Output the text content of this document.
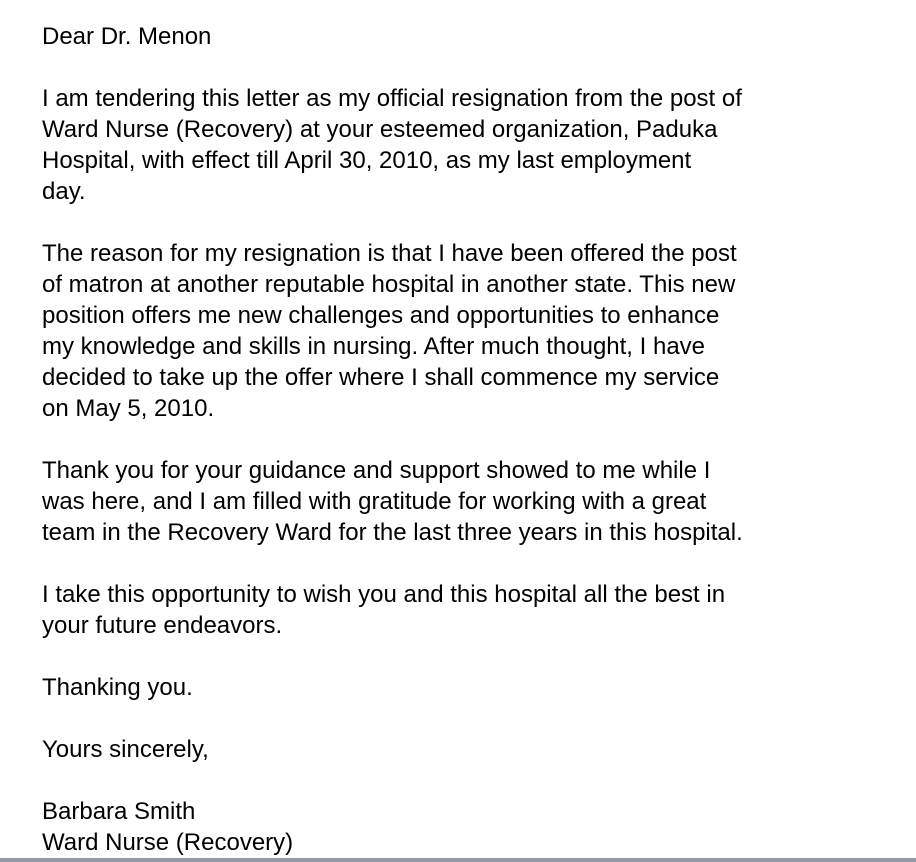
Dear Dr. Menon

I am tendering this letter as my official resignation from the post of
Ward Nurse (Recovery) at your esteemed organization, Paduka
Hospital, with effect till April 30, 2010, as my last employment
day.

The reason for my resignation is that I have been offered the post
of matron at another reputable hospital in another state. This new
position offers me new challenges and opportunities to enhance
my knowledge and skills in nursing. After much thought, I have
decided to take up the offer where I shall commence my service
on May 5, 2010.

Thank you for your guidance and support showed to me while I
was here, and I am filled with gratitude for working with a great
team in the Recovery Ward for the last three years in this hospital.

I take this opportunity to wish you and this hospital all the best in
your future endeavors.

Thanking you.

Yours sincerely,

Barbara Smith
Ward Nurse (Recovery)
